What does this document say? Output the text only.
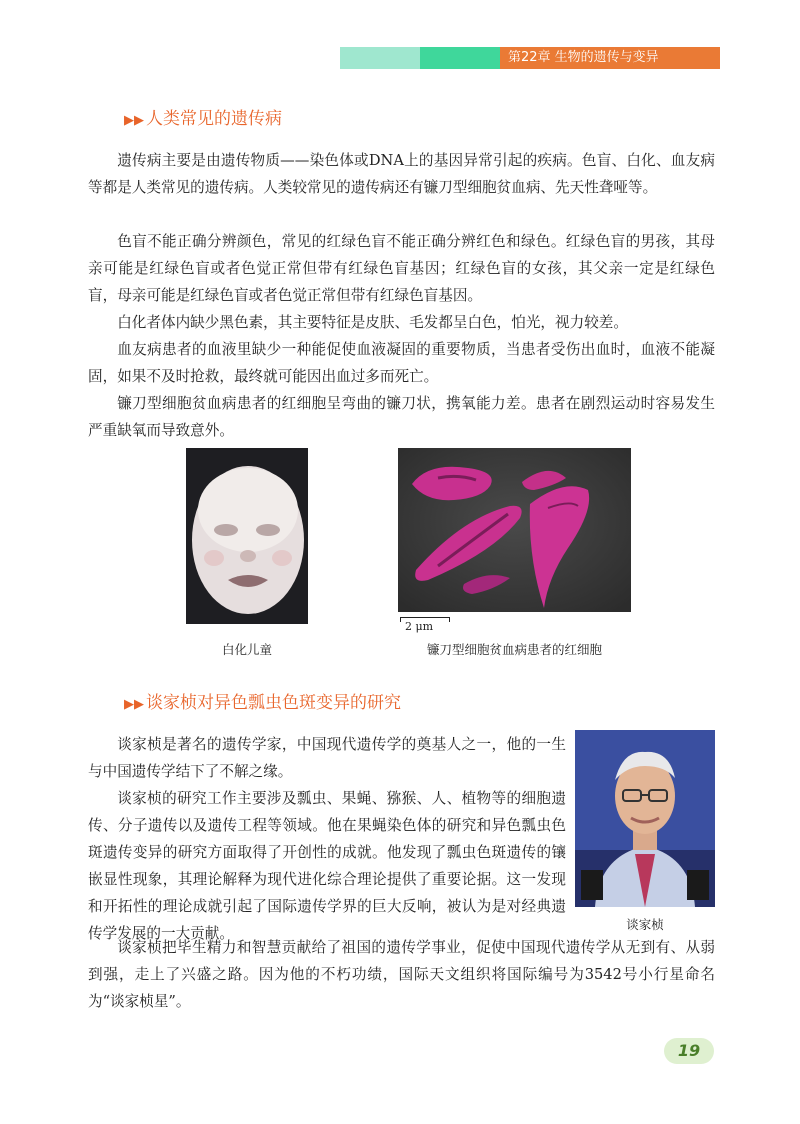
第22章 生物的遗传与变异
▶▶ 人类常见的遗传病

遗传病主要是由遗传物质——染色体或DNA上的基因异常引起的疾病。色盲、白化、血友病等都是人类常见的遗传病。人类较常见的遗传病还有镰刀型细胞贫血病、先天性聋哑等。

色盲不能正确分辨颜色，常见的红绿色盲不能正确分辨红色和绿色。红绿色盲的男孩，其母亲可能是红绿色盲或者色觉正常但带有红绿色盲基因；红绿色盲的女孩，其父亲一定是红绿色盲，母亲可能是红绿色盲或者色觉正常但带有红绿色盲基因。

白化者体内缺少黑色素，其主要特征是皮肤、毛发都呈白色，怕光，视力较差。

血友病患者的血液里缺少一种能促使血液凝固的重要物质，当患者受伤出血时，血液不能凝固，如果不及时抢救，最终就可能因出血过多而死亡。

镰刀型细胞贫血病患者的红细胞呈弯曲的镰刀状，携氧能力差。患者在剧烈运动时容易发生严重缺氧而导致意外。

白化儿童
2 μm
镰刀型细胞贫血病患者的红细胞
▶▶ 谈家桢对异色瓢虫色斑变异的研究

谈家桢是著名的遗传学家，中国现代遗传学的奠基人之一，他的一生与中国遗传学结下了不解之缘。

谈家桢的研究工作主要涉及瓢虫、果蝇、猕猴、人、植物等的细胞遗传、分子遗传以及遗传工程等领域。他在果蝇染色体的研究和异色瓢虫色斑遗传变异的研究方面取得了开创性的成就。他发现了瓢虫色斑遗传的镶嵌显性现象，其理论解释为现代进化综合理论提供了重要论据。这一发现和开拓性的理论成就引起了国际遗传学界的巨大反响，被认为是对经典遗传学发展的一大贡献。

谈家桢把毕生精力和智慧贡献给了祖国的遗传学事业，促使中国现代遗传学从无到有、从弱到强，走上了兴盛之路。因为他的不朽功绩，国际天文组织将国际编号为3542号小行星命名为“谈家桢星”。

谈家桢
19
